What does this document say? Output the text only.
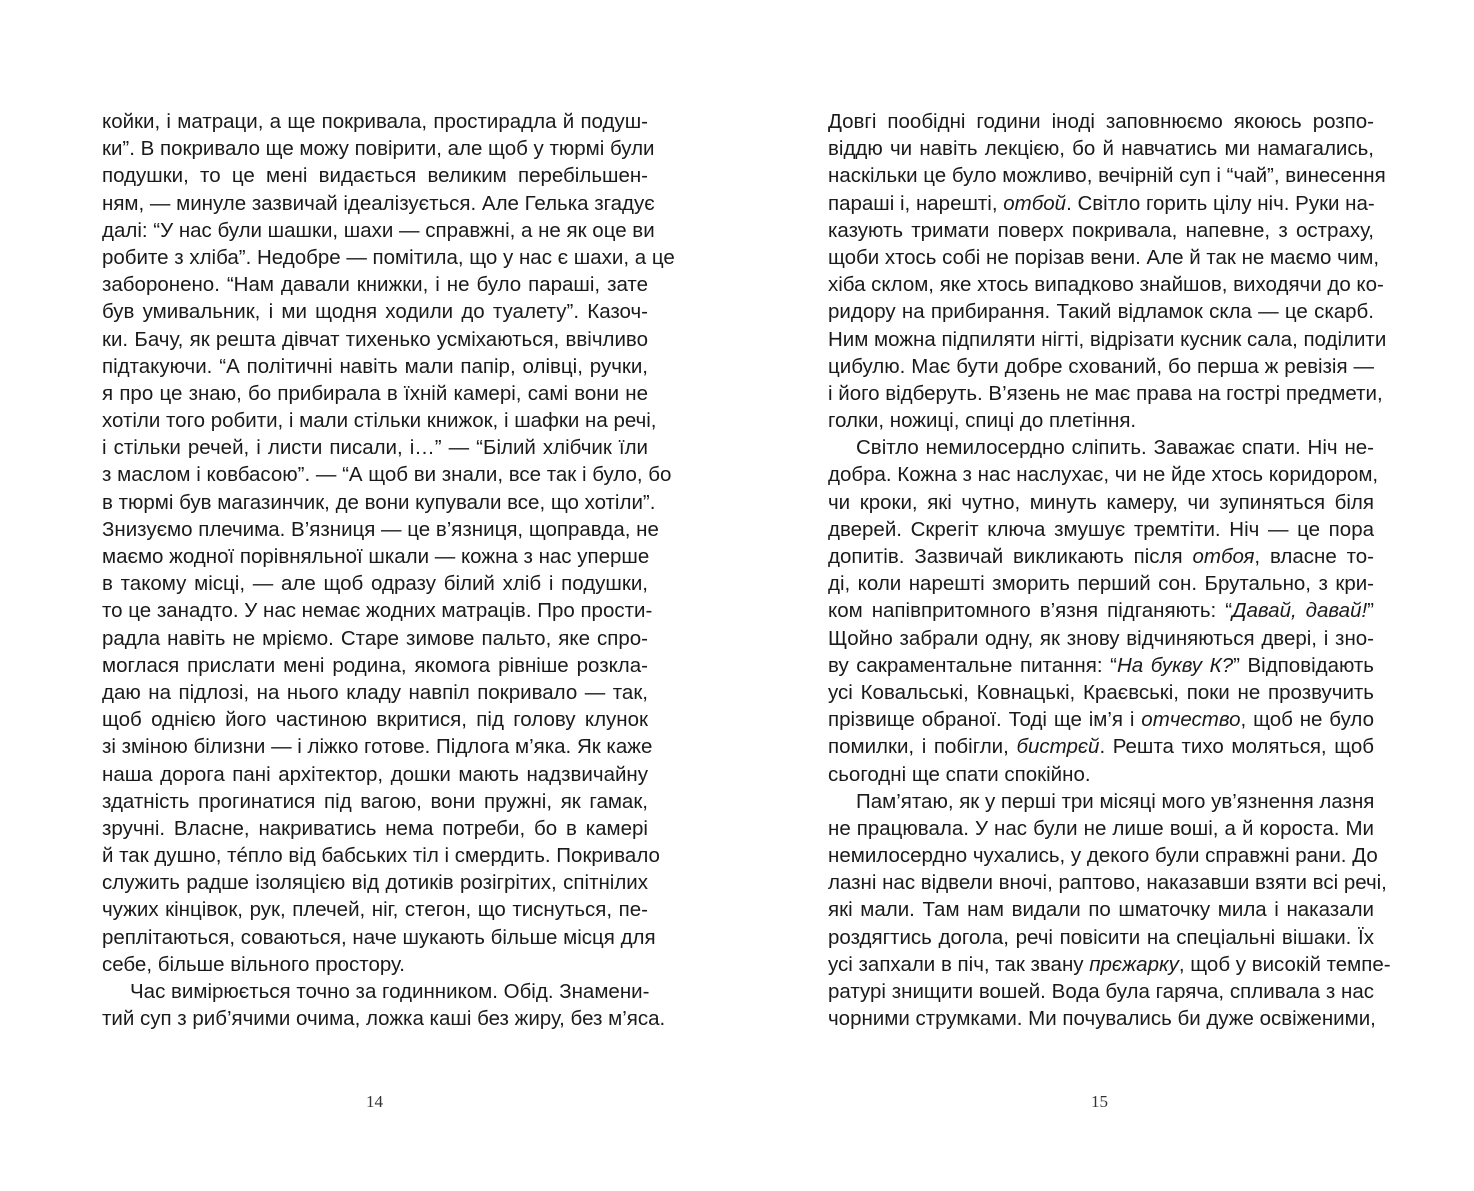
койки, і матраци, а ще покривала, простирадла й подуш-
ки”. В покривало ще можу повірити, але щоб у тюрмі були
подушки, то це мені видається великим перебільшен-
ням, — минуле зазвичай ідеалізується. Але Гелька згадує
далі: “У нас були шашки, шахи — справжні, а не як оце ви
робите з хліба”. Недобре — помітила, що у нас є шахи, а це
заборонено. “Нам давали книжки, і не було параші, зате
був умивальник, і ми щодня ходили до туалету”. Казоч-
ки. Бачу, як решта дівчат тихенько усміхаються, ввічливо
підтакуючи. “А політичні навіть мали папір, олівці, ручки,
я про це знаю, бо прибирала в їхній камері, самі вони не
хотіли того робити, і мали стільки книжок, і шафки на речі,
і стільки речей, і листи писали, і…” — “Білий хлібчик їли
з маслом і ковбасою”. — “А щоб ви знали, все так і було, бо
в тюрмі був магазинчик, де вони купували все, що хотіли”.
Знизуємо плечима. В’язниця — це в’язниця, щоправда, не
маємо жодної порівняльної шкали — кожна з нас уперше
в такому місці, — але щоб одразу білий хліб і подушки,
то це занадто. У нас немає жодних матраців. Про прости-
радла навіть не мріємо. Старе зимове пальто, яке спро-
моглася прислати мені родина, якомога рівніше розкла-
даю на підлозі, на нього кладу навпіл покривало — так,
щоб однією його частиною вкритися, під голову клунок
зі зміною білизни — і ліжко готове. Підлога м’яка. Як каже
наша дорога пані архітектор, дошки мають надзвичайну
здатність прогинатися під вагою, вони пружні, як гамак,
зручні. Власне, накриватись нема потреби, бо в камері
й так душно, тéпло від бабських тіл і смердить. Покривало
служить радше ізоляцією від дотиків розігрітих, спітнілих
чужих кінцівок, рук, плечей, ніг, стегон, що тиснуться, пе-
реплітаються, соваються, наче шукають більше місця для
себе, більше вільного простору.
Час вимірюється точно за годинником. Обід. Знамени-
тий суп з риб’ячими очима, ложка каші без жиру, без м’яса.
Довгі пообідні години іноді заповнюємо якоюсь розпо-
віддю чи навіть лекцією, бо й навчатись ми намагались,
наскільки це було можливо, вечірній суп і “чай”, винесення
параші і, нарешті, отбой. Світло горить цілу ніч. Руки на-
казують тримати поверх покривала, напевне, з остраху,
щоби хтось собі не порізав вени. Але й так не маємо чим,
хіба склом, яке хтось випадково знайшов, виходячи до ко-
ридору на прибирання. Такий відламок скла — це скарб.
Ним можна підпиляти нігті, відрізати кусник сала, поділити
цибулю. Має бути добре схований, бо перша ж ревізія —
і його відберуть. В’язень не має права на гострі предмети,
голки, ножиці, спиці до плетіння.
Світло немилосердно сліпить. Заважає спати. Ніч не-
добра. Кожна з нас наслухає, чи не йде хтось коридором,
чи кроки, які чутно, минуть камеру, чи зупиняться біля
дверей. Скрегіт ключа змушує тремтіти. Ніч — це пора
допитів. Зазвичай викликають після отбоя, власне то-
ді, коли нарешті зморить перший сон. Брутально, з кри-
ком напівпритомного в’язня підганяють: “Давай, давай!”
Щойно забрали одну, як знову відчиняються двері, і зно-
ву сакраментальне питання: “На букву К?” Відповідають
усі Ковальські, Ковнацькі, Краєвські, поки не прозвучить
прізвище обраної. Тоді ще ім’я і отчество, щоб не було
помилки, і побігли, бистрєй. Решта тихо моляться, щоб
сьогодні ще спати спокійно.
Пам’ятаю, як у перші три місяці мого ув’язнення лазня
не працювала. У нас були не лише воші, а й короста. Ми
немилосердно чухались, у декого були справжні рани. До
лазні нас відвели вночі, раптово, наказавши взяти всі речі,
які мали. Там нам видали по шматочку мила і наказали
роздягтись догола, речі повісити на спеціальні вішаки. Їх
усі запхали в піч, так звану прєжарку, щоб у високій темпе-
ратурі знищити вошей. Вода була гаряча, спливала з нас
чорними струмками. Ми почувались би дуже освіженими,
14	15
